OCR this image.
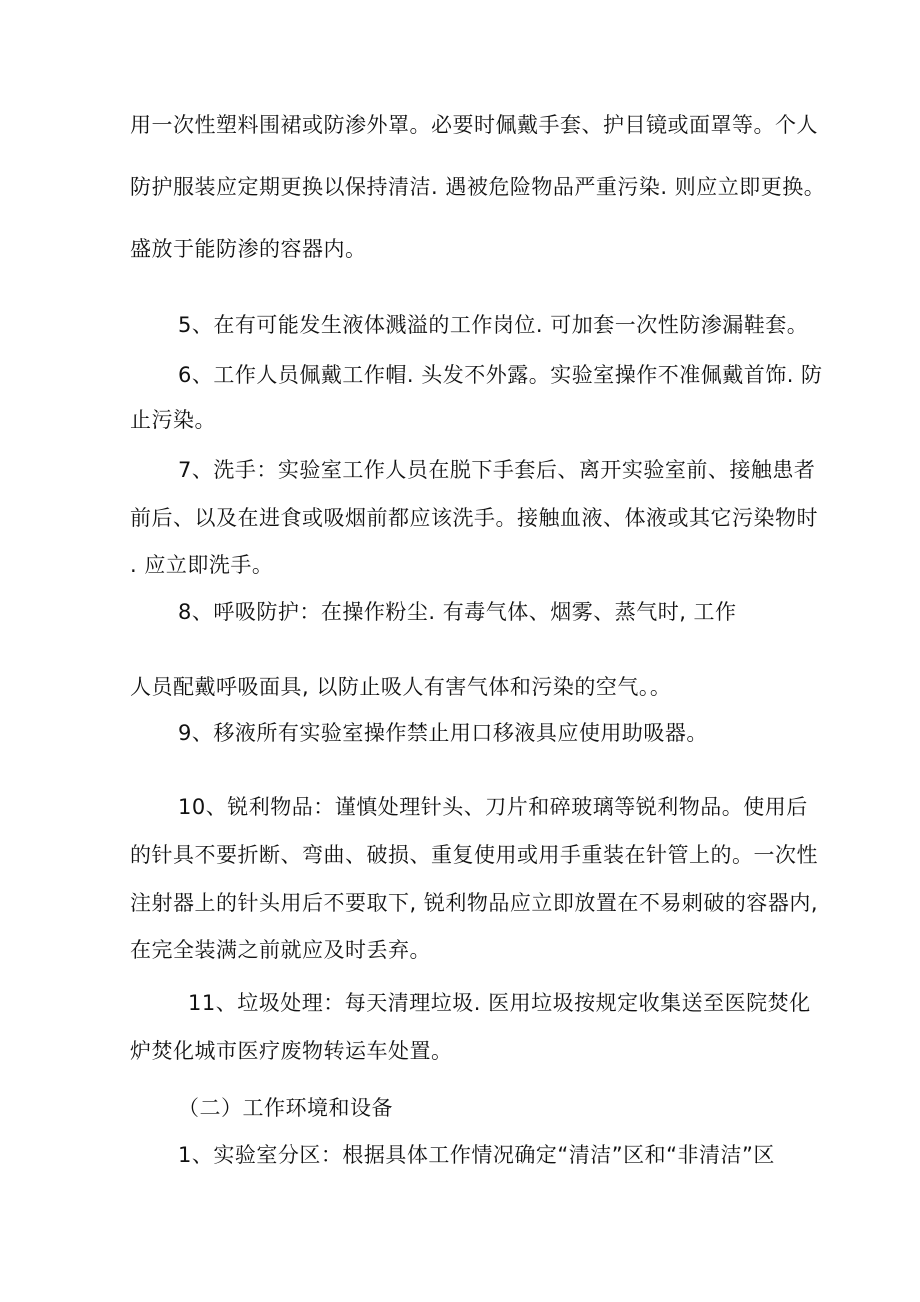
用一次性塑料围裙或防渗外罩。必要时佩戴手套、护目镜或面罩等。个人

防护服装应定期更换以保持清洁. 遇被危险物品严重污染. 则应立即更换。

盛放于能防渗的容器内。

5、在有可能发生液体溅溢的工作岗位. 可加套一次性防渗漏鞋套。

6、工作人员佩戴工作帽. 头发不外露。实验室操作不准佩戴首饰. 防

止污染。

7、洗手：实验室工作人员在脱下手套后、离开实验室前、接触患者

前后、以及在进食或吸烟前都应该洗手。接触血液、体液或其它污染物时

. 应立即洗手。

8、呼吸防护：在操作粉尘. 有毒气体、烟雾、蒸气时, 工作

人员配戴呼吸面具, 以防止吸人有害气体和污染的空气。。

9、移液所有实验室操作禁止用口移液具应使用助吸器。

10、锐利物品：谨慎处理针头、刀片和碎玻璃等锐利物品。使用后

的针具不要折断、弯曲、破损、重复使用或用手重装在针管上的。一次性

注射器上的针头用后不要取下, 锐利物品应立即放置在不易刺破的容器内,

在完全装满之前就应及时丢弃。

11、垃圾处理：每天清理垃圾. 医用垃圾按规定收集送至医院焚化

炉焚化城市医疗废物转运车处置。

（二）工作环境和设备

1、实验室分区：根据具体工作情况确定“清洁”区和“非清洁”区
